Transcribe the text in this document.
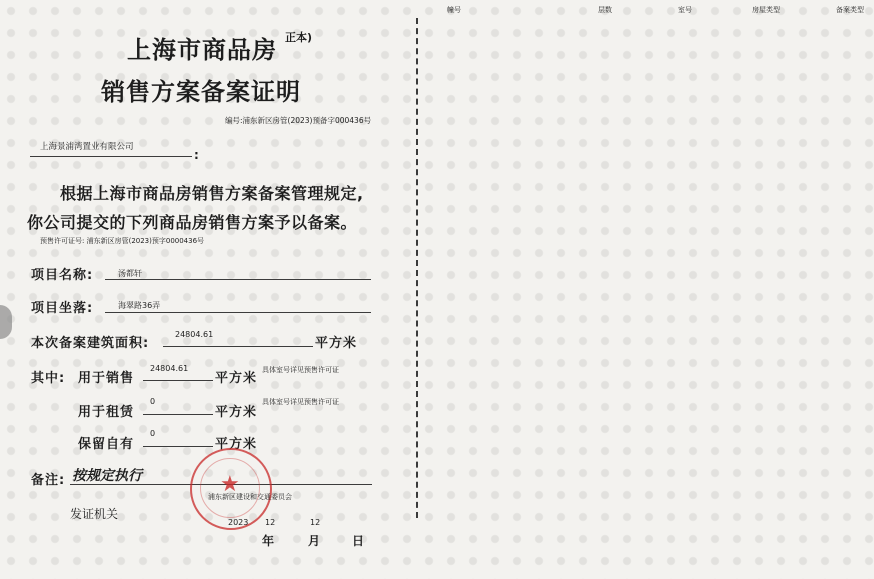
上海市商品房 正本)
销售方案备案证明
编号:浦东新区房管(2023)预备字000436号
上海景浦湾置业有限公司
:
根据上海市商品房销售方案备案管理规定,
你公司提交的下列商品房销售方案予以备案。
预售许可证号: 浦东新区房管(2023)预字0000436号
项目名称:	汤都轩
项目坐落:	海翠路36弄
本次备案建筑面积:
24804.61
平方米
其中: 用于销售
24804.61
平方米
具体室号详见预售许可证
用于租赁
0
平方米
具体室号详见预售许可证
保留自有
0
平方米
备注: 按规定执行	★
浦东新区建设和交通委员会
发证机关
2023 12	12
年	月	日
幢号	层数	室号	房屋类型	备案类型
